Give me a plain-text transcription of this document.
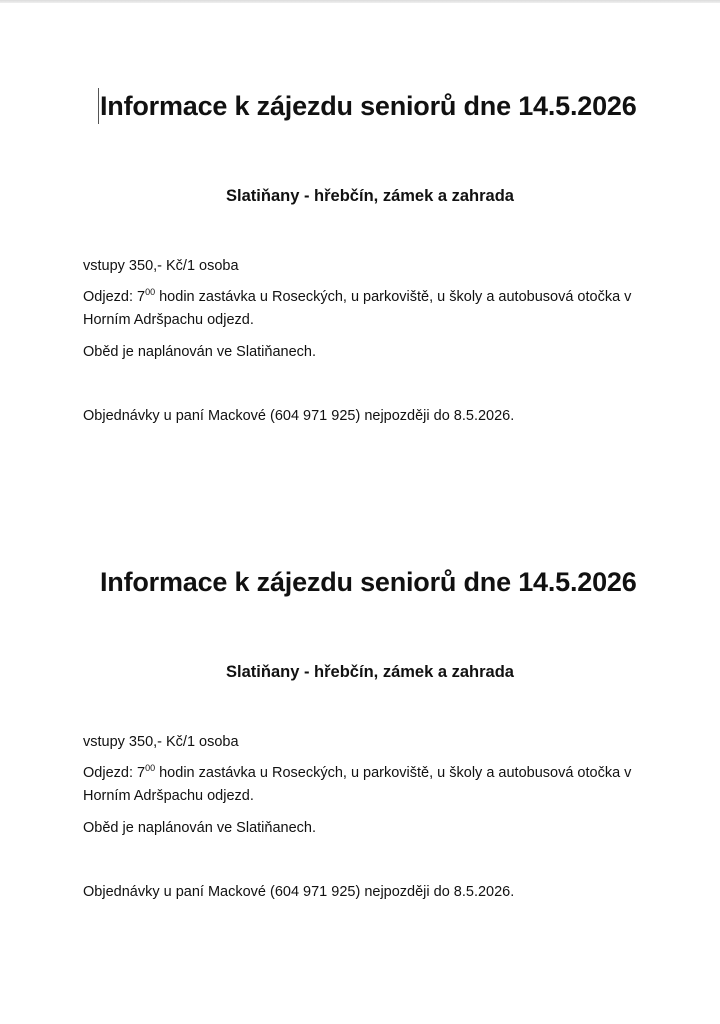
Informace k zájezdu seniorů dne 14.5.2026
Slatiňany - hřebčín, zámek a zahrada
vstupy 350,- Kč/1 osoba
Odjezd: $7^{00}$ hodin zastávka u Roseckých, u parkoviště, u školy a autobusová otočka v Horním Adršpachu odjezd.
Oběd je naplánován ve Slatiňanech.
Objednávky u paní Mackové (604 971 925) nejpozději do 8.5.2026.
Informace k zájezdu seniorů dne 14.5.2026
Slatiňany - hřebčín, zámek a zahrada
vstupy 350,- Kč/1 osoba
Odjezd: $7^{00}$ hodin zastávka u Roseckých, u parkoviště, u školy a autobusová otočka v Horním Adršpachu odjezd.
Oběd je naplánován ve Slatiňanech.
Objednávky u paní Mackové (604 971 925) nejpozději do 8.5.2026.
